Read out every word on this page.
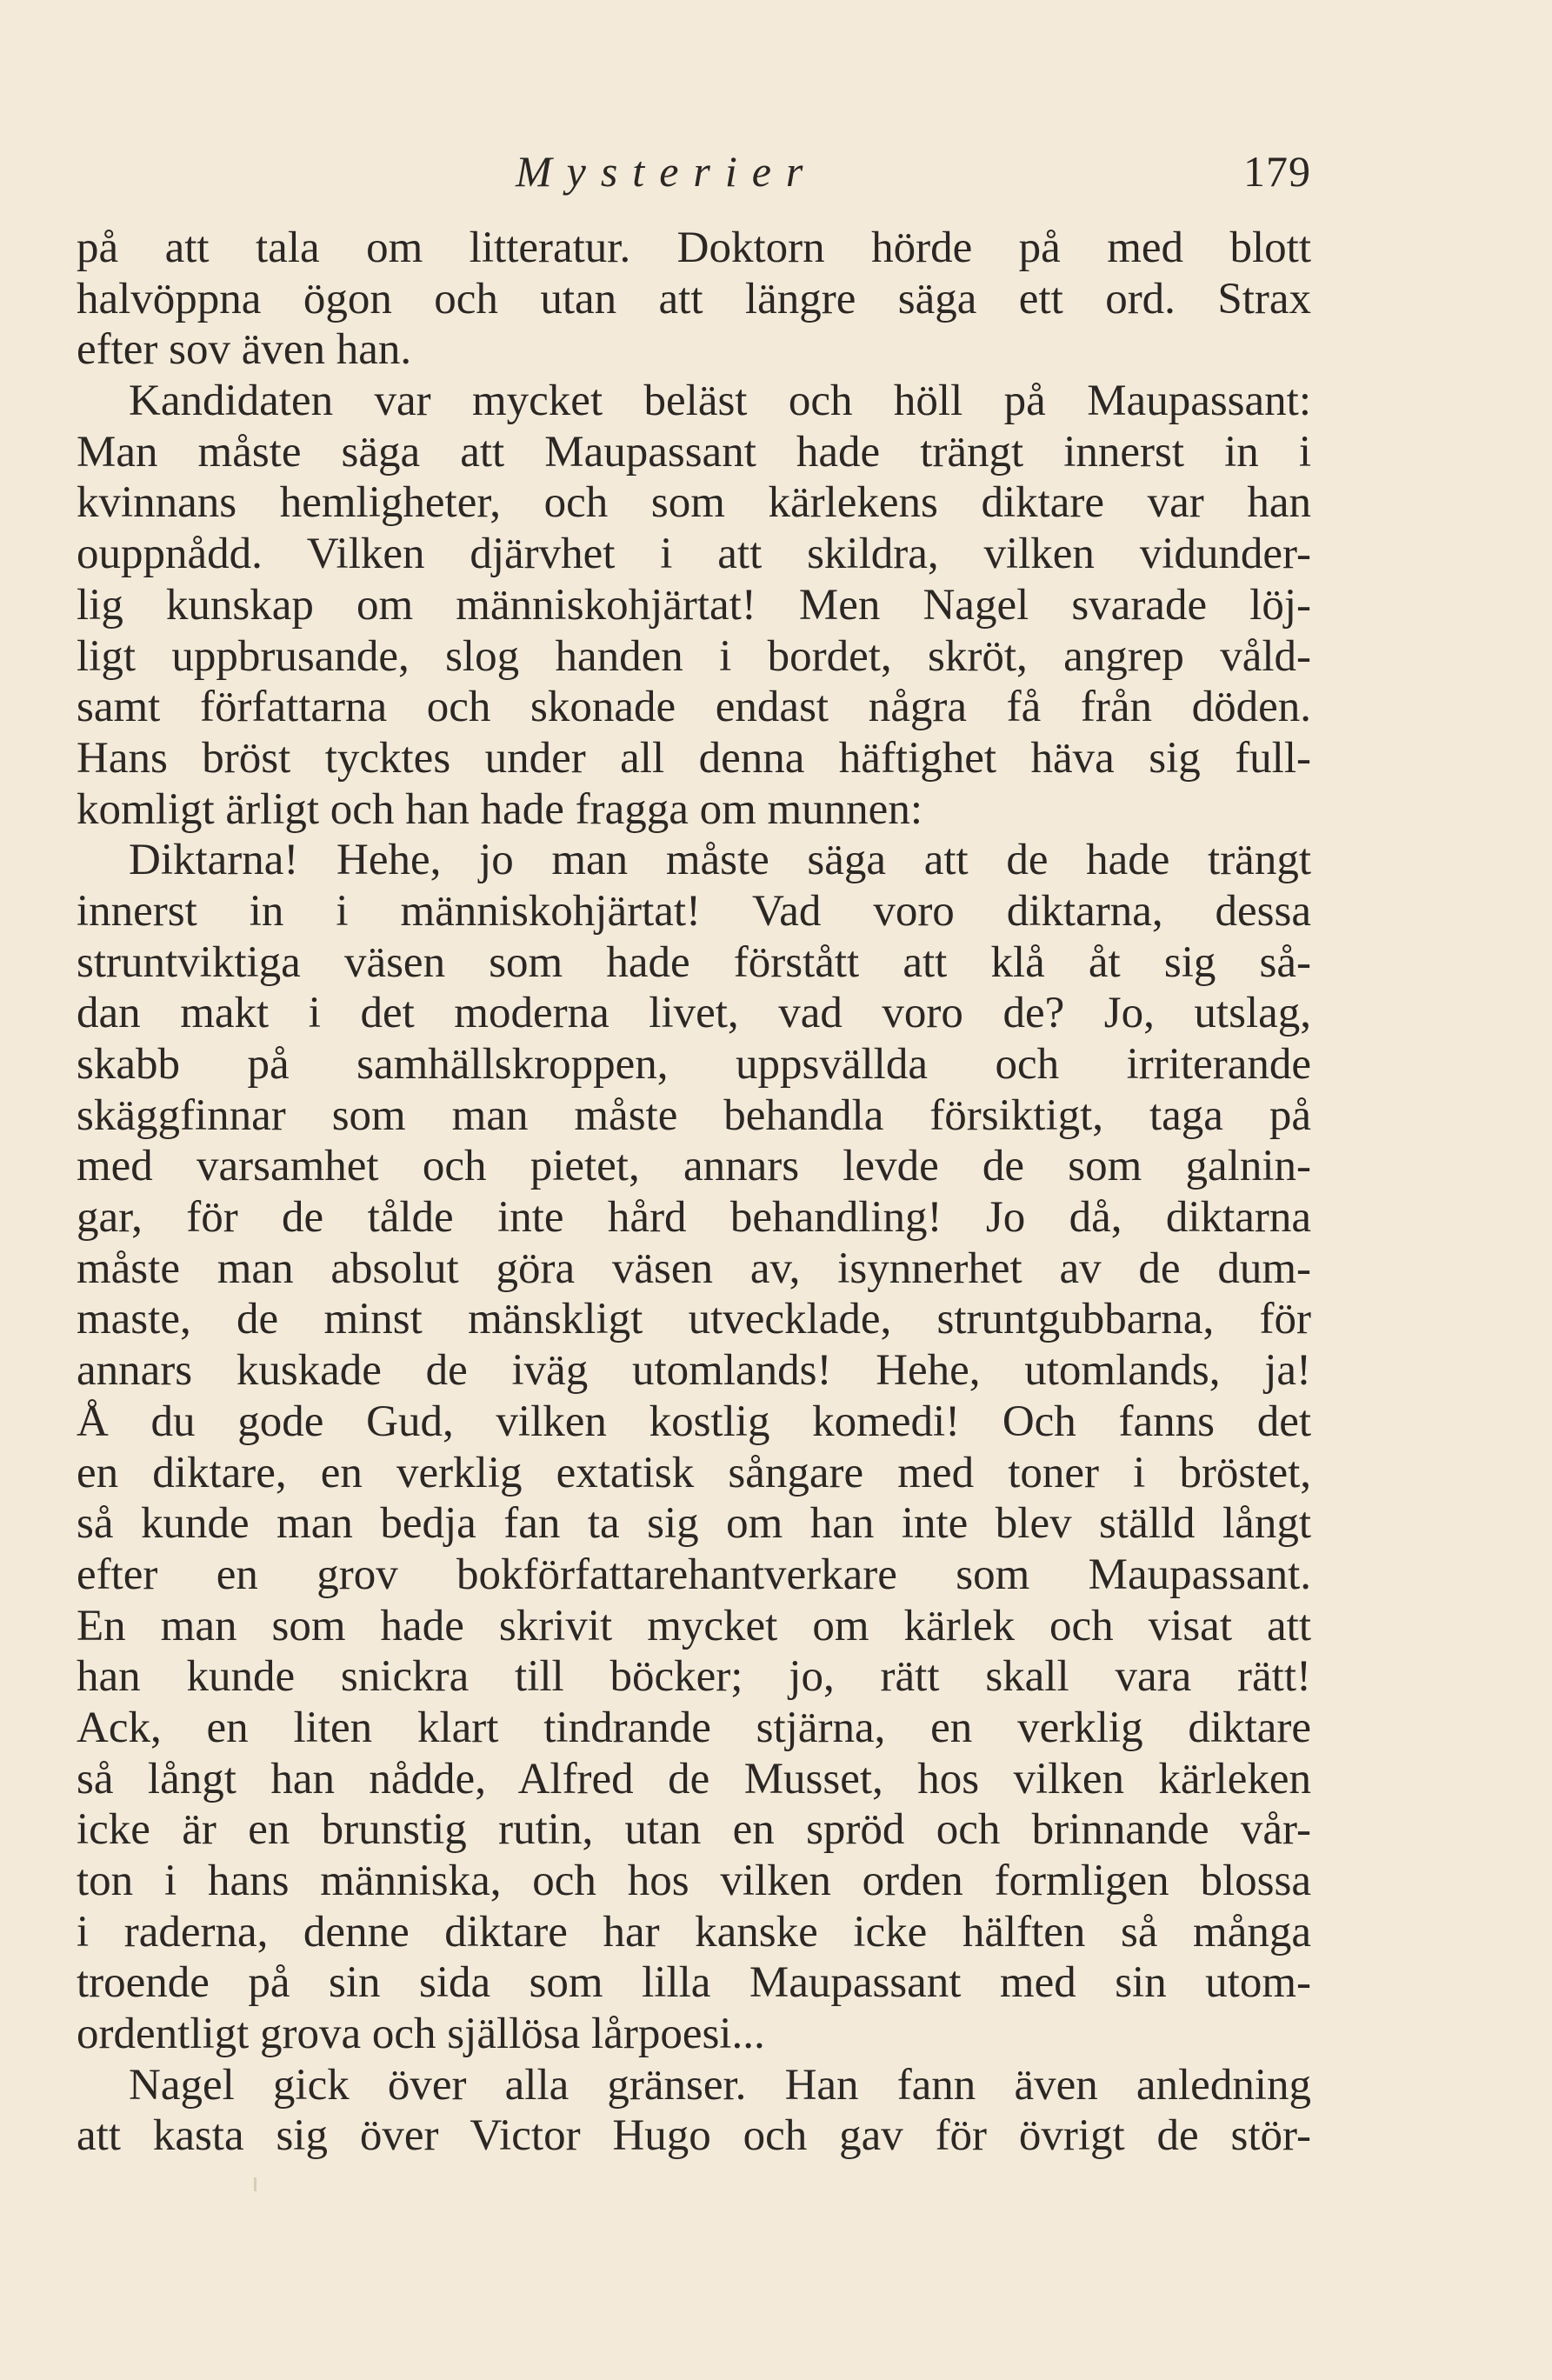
Mysterier	179
på att tala om litteratur. Doktorn hörde på med blott
halvöppna ögon och utan att längre säga ett ord. Strax
efter sov även han.
Kandidaten var mycket beläst och höll på Maupassant:
Man måste säga att Maupassant hade trängt innerst in i
kvinnans hemligheter, och som kärlekens diktare var han
ouppnådd. Vilken djärvhet i att skildra, vilken vidunder-
lig kunskap om människohjärtat! Men Nagel svarade löj-
ligt uppbrusande, slog handen i bordet, skröt, angrep våld-
samt författarna och skonade endast några få från döden.
Hans bröst tycktes under all denna häftighet häva sig full-
komligt ärligt och han hade fragga om munnen:
Diktarna! Hehe, jo man måste säga att de hade trängt
innerst in i människohjärtat! Vad voro diktarna, dessa
struntviktiga väsen som hade förstått att klå åt sig så-
dan makt i det moderna livet, vad voro de? Jo, utslag,
skabb på samhällskroppen, uppsvällda och irriterande
skäggfinnar som man måste behandla försiktigt, taga på
med varsamhet och pietet, annars levde de som galnin-
gar, för de tålde inte hård behandling! Jo då, diktarna
måste man absolut göra väsen av, isynnerhet av de dum-
maste, de minst mänskligt utvecklade, struntgubbarna, för
annars kuskade de iväg utomlands! Hehe, utomlands, ja!
Å du gode Gud, vilken kostlig komedi! Och fanns det
en diktare, en verklig extatisk sångare med toner i bröstet,
så kunde man bedja fan ta sig om han inte blev ställd långt
efter en grov bokförfattarehantverkare som Maupassant.
En man som hade skrivit mycket om kärlek och visat att
han kunde snickra till böcker; jo, rätt skall vara rätt!
Ack, en liten klart tindrande stjärna, en verklig diktare
så långt han nådde, Alfred de Musset, hos vilken kärleken
icke är en brunstig rutin, utan en spröd och brinnande vår-
ton i hans människa, och hos vilken orden formligen blossa
i raderna, denne diktare har kanske icke hälften så många
troende på sin sida som lilla Maupassant med sin utom-
ordentligt grova och själlösa lårpoesi...
Nagel gick över alla gränser. Han fann även anledning
att kasta sig över Victor Hugo och gav för övrigt de stör-
